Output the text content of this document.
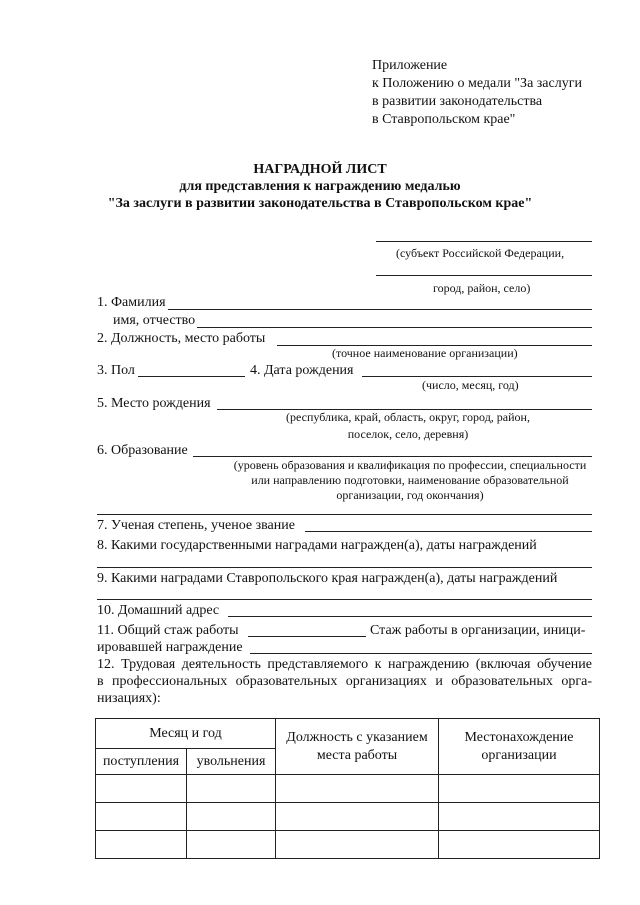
Приложение
к Положению о медали "За заслуги
в развитии законодательства
в Ставропольском крае"
НАГРАДНОЙ ЛИСТ
для представления к награждению медалью
"За заслуги в развитии законодательства в Ставропольском крае"
(субъект Российской Федерации,
город, район, село)
1. Фамилия
имя, отчество
2. Должность, место работы
(точное наименование организации)
3. Пол	4. Дата рождения
(число, месяц, год)
5. Место рождения
(республика, край, область, округ, город, район,
поселок, село, деревня)
6. Образование
(уровень образования и квалификация по профессии, специальности
или направлению подготовки, наименование образовательной
организации, год окончания)
7. Ученая степень, ученое звание
8. Какими государственными наградами награжден(а), даты награждений
9. Какими наградами Ставропольского края награжден(а), даты награждений
10. Домашний адрес
11. Общий стаж работы	Стаж работы в организации, иници-
ировавшей награждение
12. Трудовая деятельность представляемого к награждению (включая обучение
в профессиональных образовательных организациях и образовательных орга-
низациях):
Месяц и год		Должность с указанием места работы	Местонахождение организации
поступления	увольнения		
